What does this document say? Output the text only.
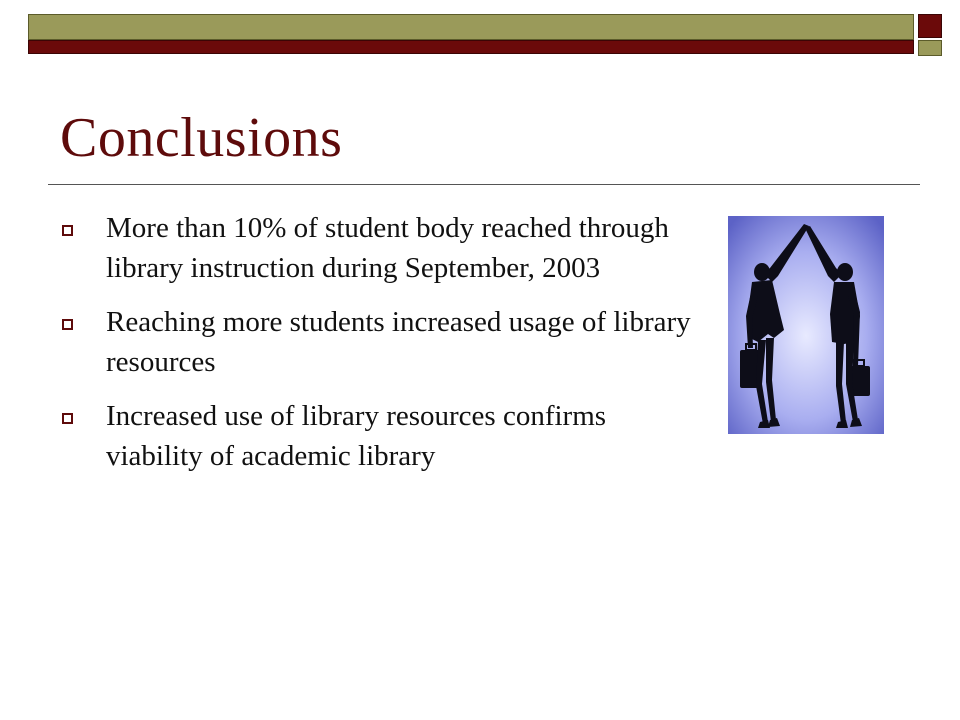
Conclusions
More than 10% of student body reached through library instruction during September, 2003
Reaching more students increased usage of library resources
Increased use of library resources confirms viability of academic library
